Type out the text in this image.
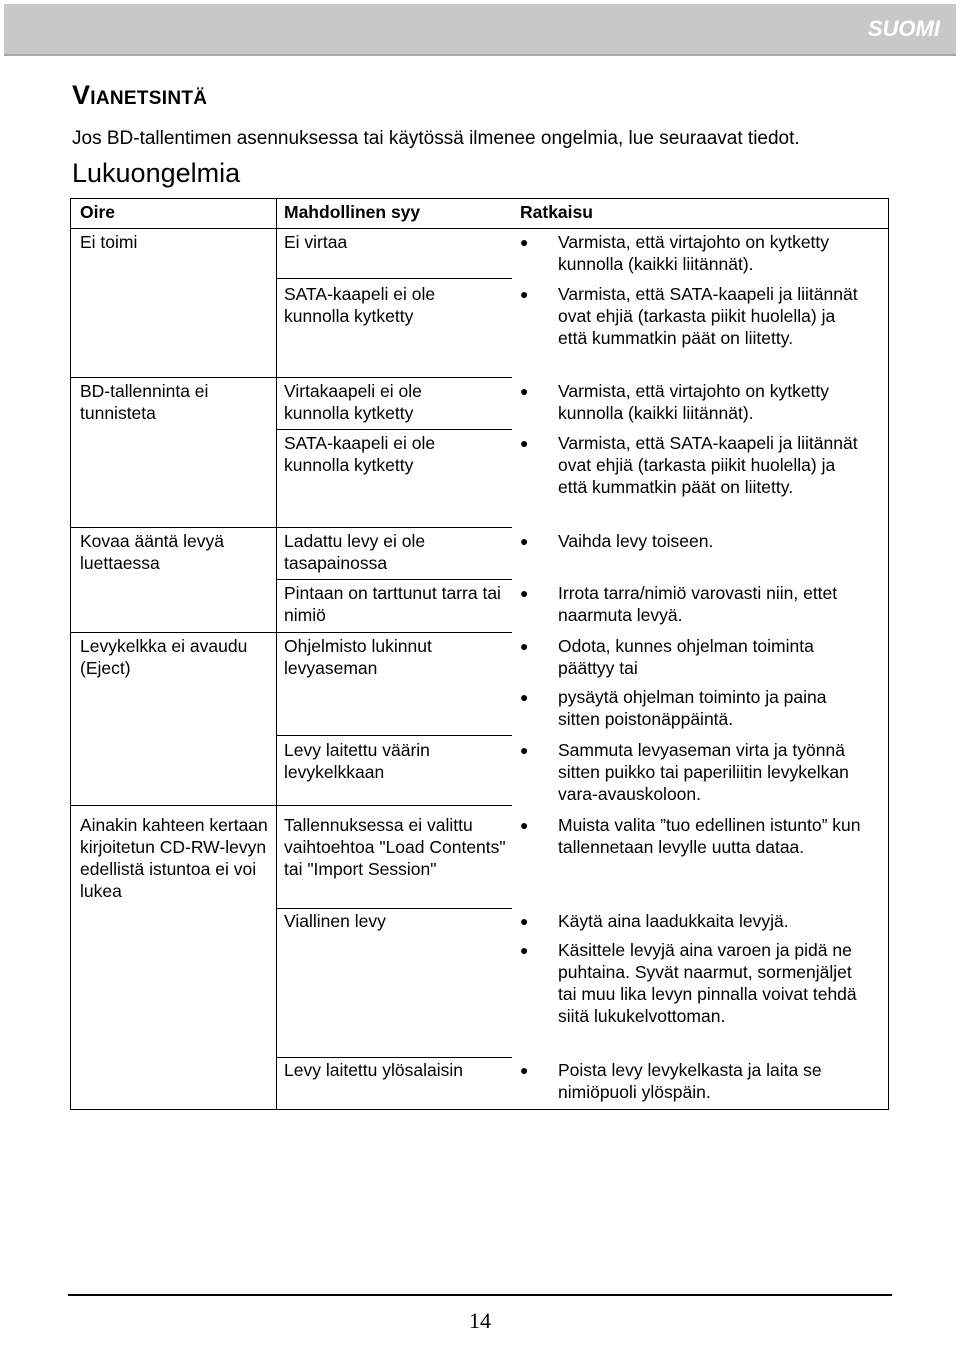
SUOMI
Vianetsintä
Jos BD-tallentimen asennuksessa tai käytössä ilmenee ongelmia, lue seuraavat tiedot.
Lukuongelmia
Oire	Mahdollinen syy	Ratkaisu
Ei toimi
BD-tallenninta ei tunnisteta
Kovaa ääntä levyä luettaessa
Levykelkka ei avaudu (Eject)
Ainakin kahteen kertaan kirjoitetun CD-RW-levyn edellistä istuntoa ei voi lukea
Ei virtaa
SATA-kaapeli ei ole kunnolla kytketty
Virtakaapeli ei ole kunnolla kytketty
SATA-kaapeli ei ole kunnolla kytketty
Ladattu levy ei ole tasapainossa
Pintaan on tarttunut tarra tai nimiö
Ohjelmisto lukinnut levyaseman
Levy laitettu väärin levykelkkaan
Tallennuksessa ei valittu vaihtoehtoa "Load Contents" tai "Import Session"
Viallinen levy
Levy laitettu ylösalaisin
● Varmista, että virtajohto on kytketty kunnolla (kaikki liitännät).
● Varmista, että SATA-kaapeli ja liitännät ovat ehjiä (tarkasta piikit huolella) ja että kummatkin päät on liitetty.
● Varmista, että virtajohto on kytketty kunnolla (kaikki liitännät).
● Varmista, että SATA-kaapeli ja liitännät ovat ehjiä (tarkasta piikit huolella) ja että kummatkin päät on liitetty.
● Vaihda levy toiseen.
● Irrota tarra/nimiö varovasti niin, ettet naarmuta levyä.
● Odota, kunnes ohjelman toiminta päättyy tai
● pysäytä ohjelman toiminto ja paina sitten poistonäppäintä.
● Sammuta levyaseman virta ja työnnä sitten puikko tai paperiliitin levykelkan vara-avauskoloon.
● Muista valita ”tuo edellinen istunto” kun tallennetaan levylle uutta dataa.
● Käytä aina laadukkaita levyjä.
● Käsittele levyjä aina varoen ja pidä ne puhtaina. Syvät naarmut, sormenjäljet tai muu lika levyn pinnalla voivat tehdä siitä lukukelvottoman.
● Poista levy levykelkasta ja laita se nimiöpuoli ylöspäin.
14
